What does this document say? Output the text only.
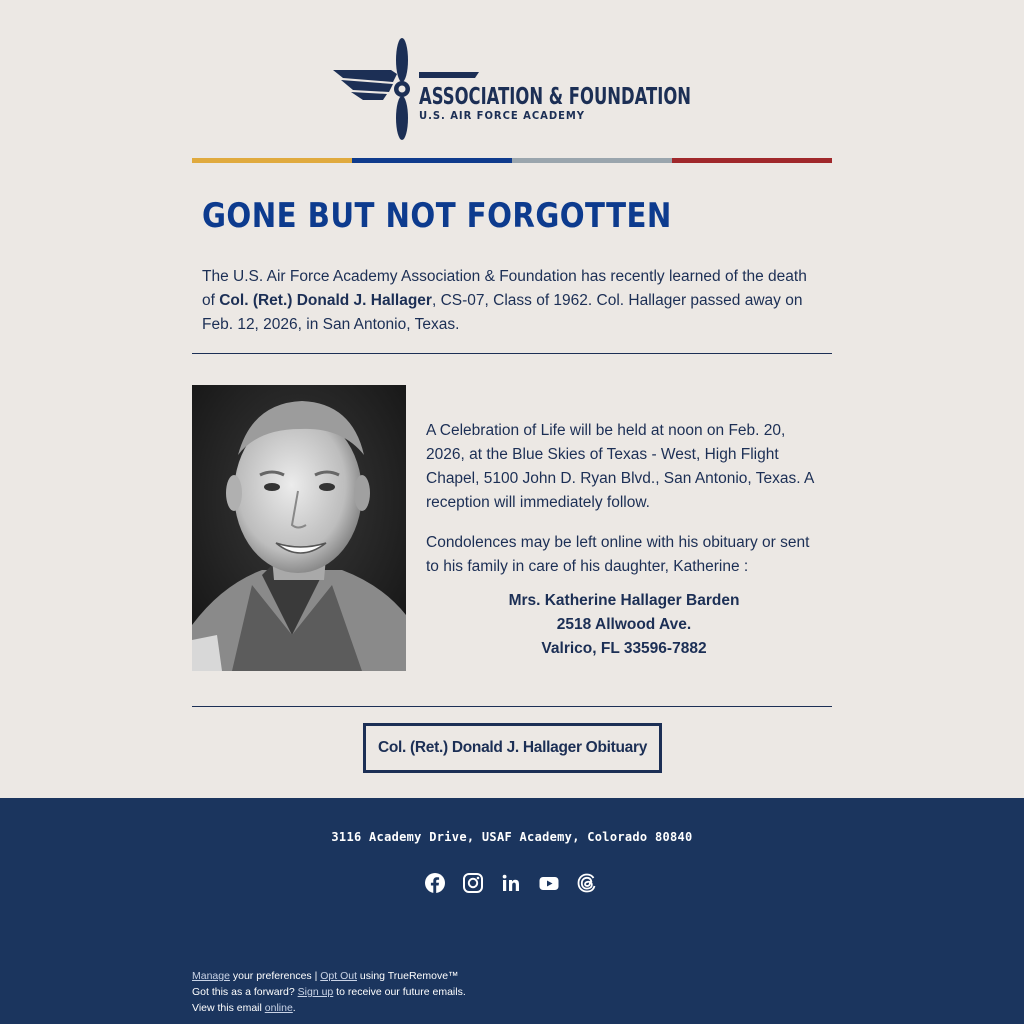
ASSOCIATION & FOUNDATION
U.S. AIR FORCE ACADEMY
GONE BUT NOT FORGOTTEN

The U.S. Air Force Academy Association & Foundation has recently learned of the death of Col. (Ret.) Donald J. Hallager, CS-07, Class of 1962. Col. Hallager passed away on Feb. 12, 2026, in San Antonio, Texas.

A Celebration of Life will be held at noon on Feb. 20, 2026, at the Blue Skies of Texas - West, High Flight Chapel, 5100 John D. Ryan Blvd., San Antonio, Texas. A reception will immediately follow.

Condolences may be left online with his obituary or sent to his family in care of his daughter, Katherine :

Mrs. Katherine Hallager Barden
2518 Allwood Ave.
Valrico, FL 33596-7882
Col. (Ret.) Donald J. Hallager Obituary
3116 Academy Drive, USAF Academy, Colorado 80840
Manage your preferences | Opt Out using TrueRemove™
Got this as a forward? Sign up to receive our future emails.
View this email online.
